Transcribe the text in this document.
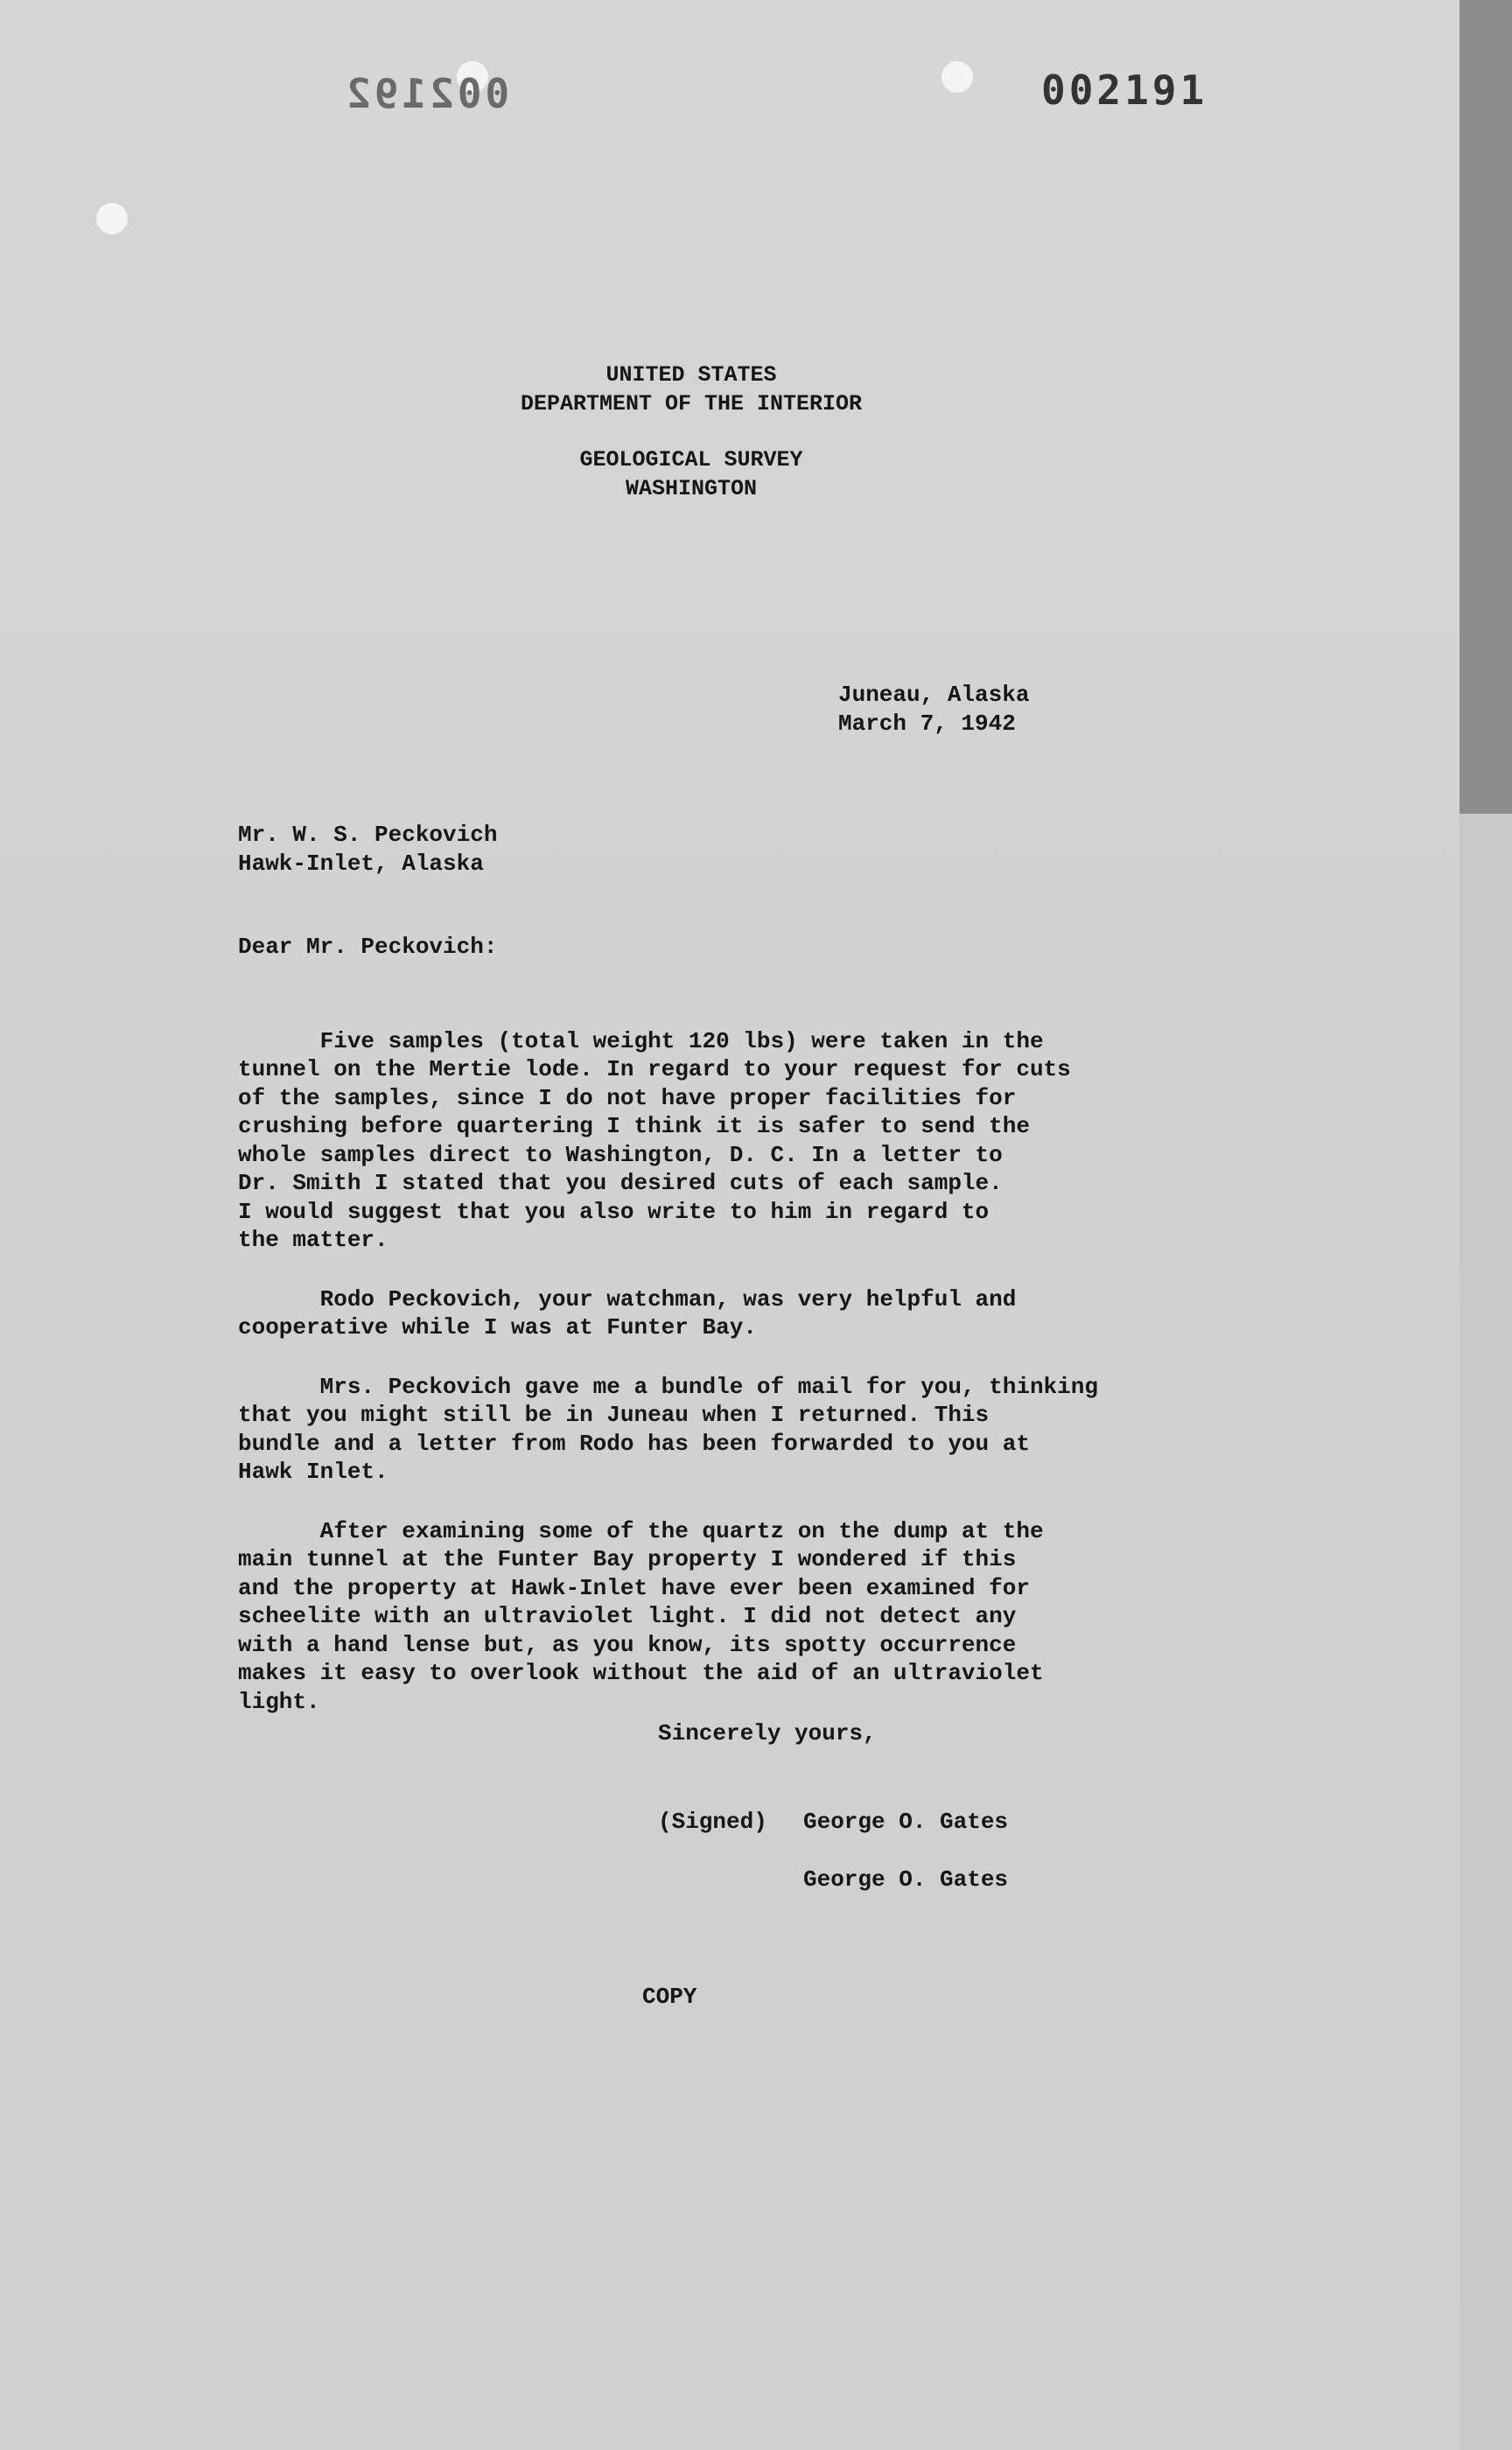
002192	002191
UNITED STATES
DEPARTMENT OF THE INTERIOR
GEOLOGICAL SURVEY
WASHINGTON
Juneau, Alaska
March 7, 1942
Mr. W. S. Peckovich
Hawk-Inlet, Alaska
Dear Mr. Peckovich:

Five samples (total weight 120 lbs) were taken in the
tunnel on the Mertie lode. In regard to your request for cuts
of the samples, since I do not have proper facilities for
crushing before quartering I think it is safer to send the
whole samples direct to Washington, D. C. In a letter to
Dr. Smith I stated that you desired cuts of each sample.
I would suggest that you also write to him in regard to
the matter.

Rodo Peckovich, your watchman, was very helpful and
cooperative while I was at Funter Bay.

Mrs. Peckovich gave me a bundle of mail for you, thinking
that you might still be in Juneau when I returned. This
bundle and a letter from Rodo has been forwarded to you at
Hawk Inlet.

After examining some of the quartz on the dump at the
main tunnel at the Funter Bay property I wondered if this
and the property at Hawk-Inlet have ever been examined for
scheelite with an ultraviolet light. I did not detect any
with a hand lense but, as you know, its spotty occurrence
makes it easy to overlook without the aid of an ultraviolet
light.

Sincerely yours,
(Signed) George O. Gates
George O. Gates
COPY
